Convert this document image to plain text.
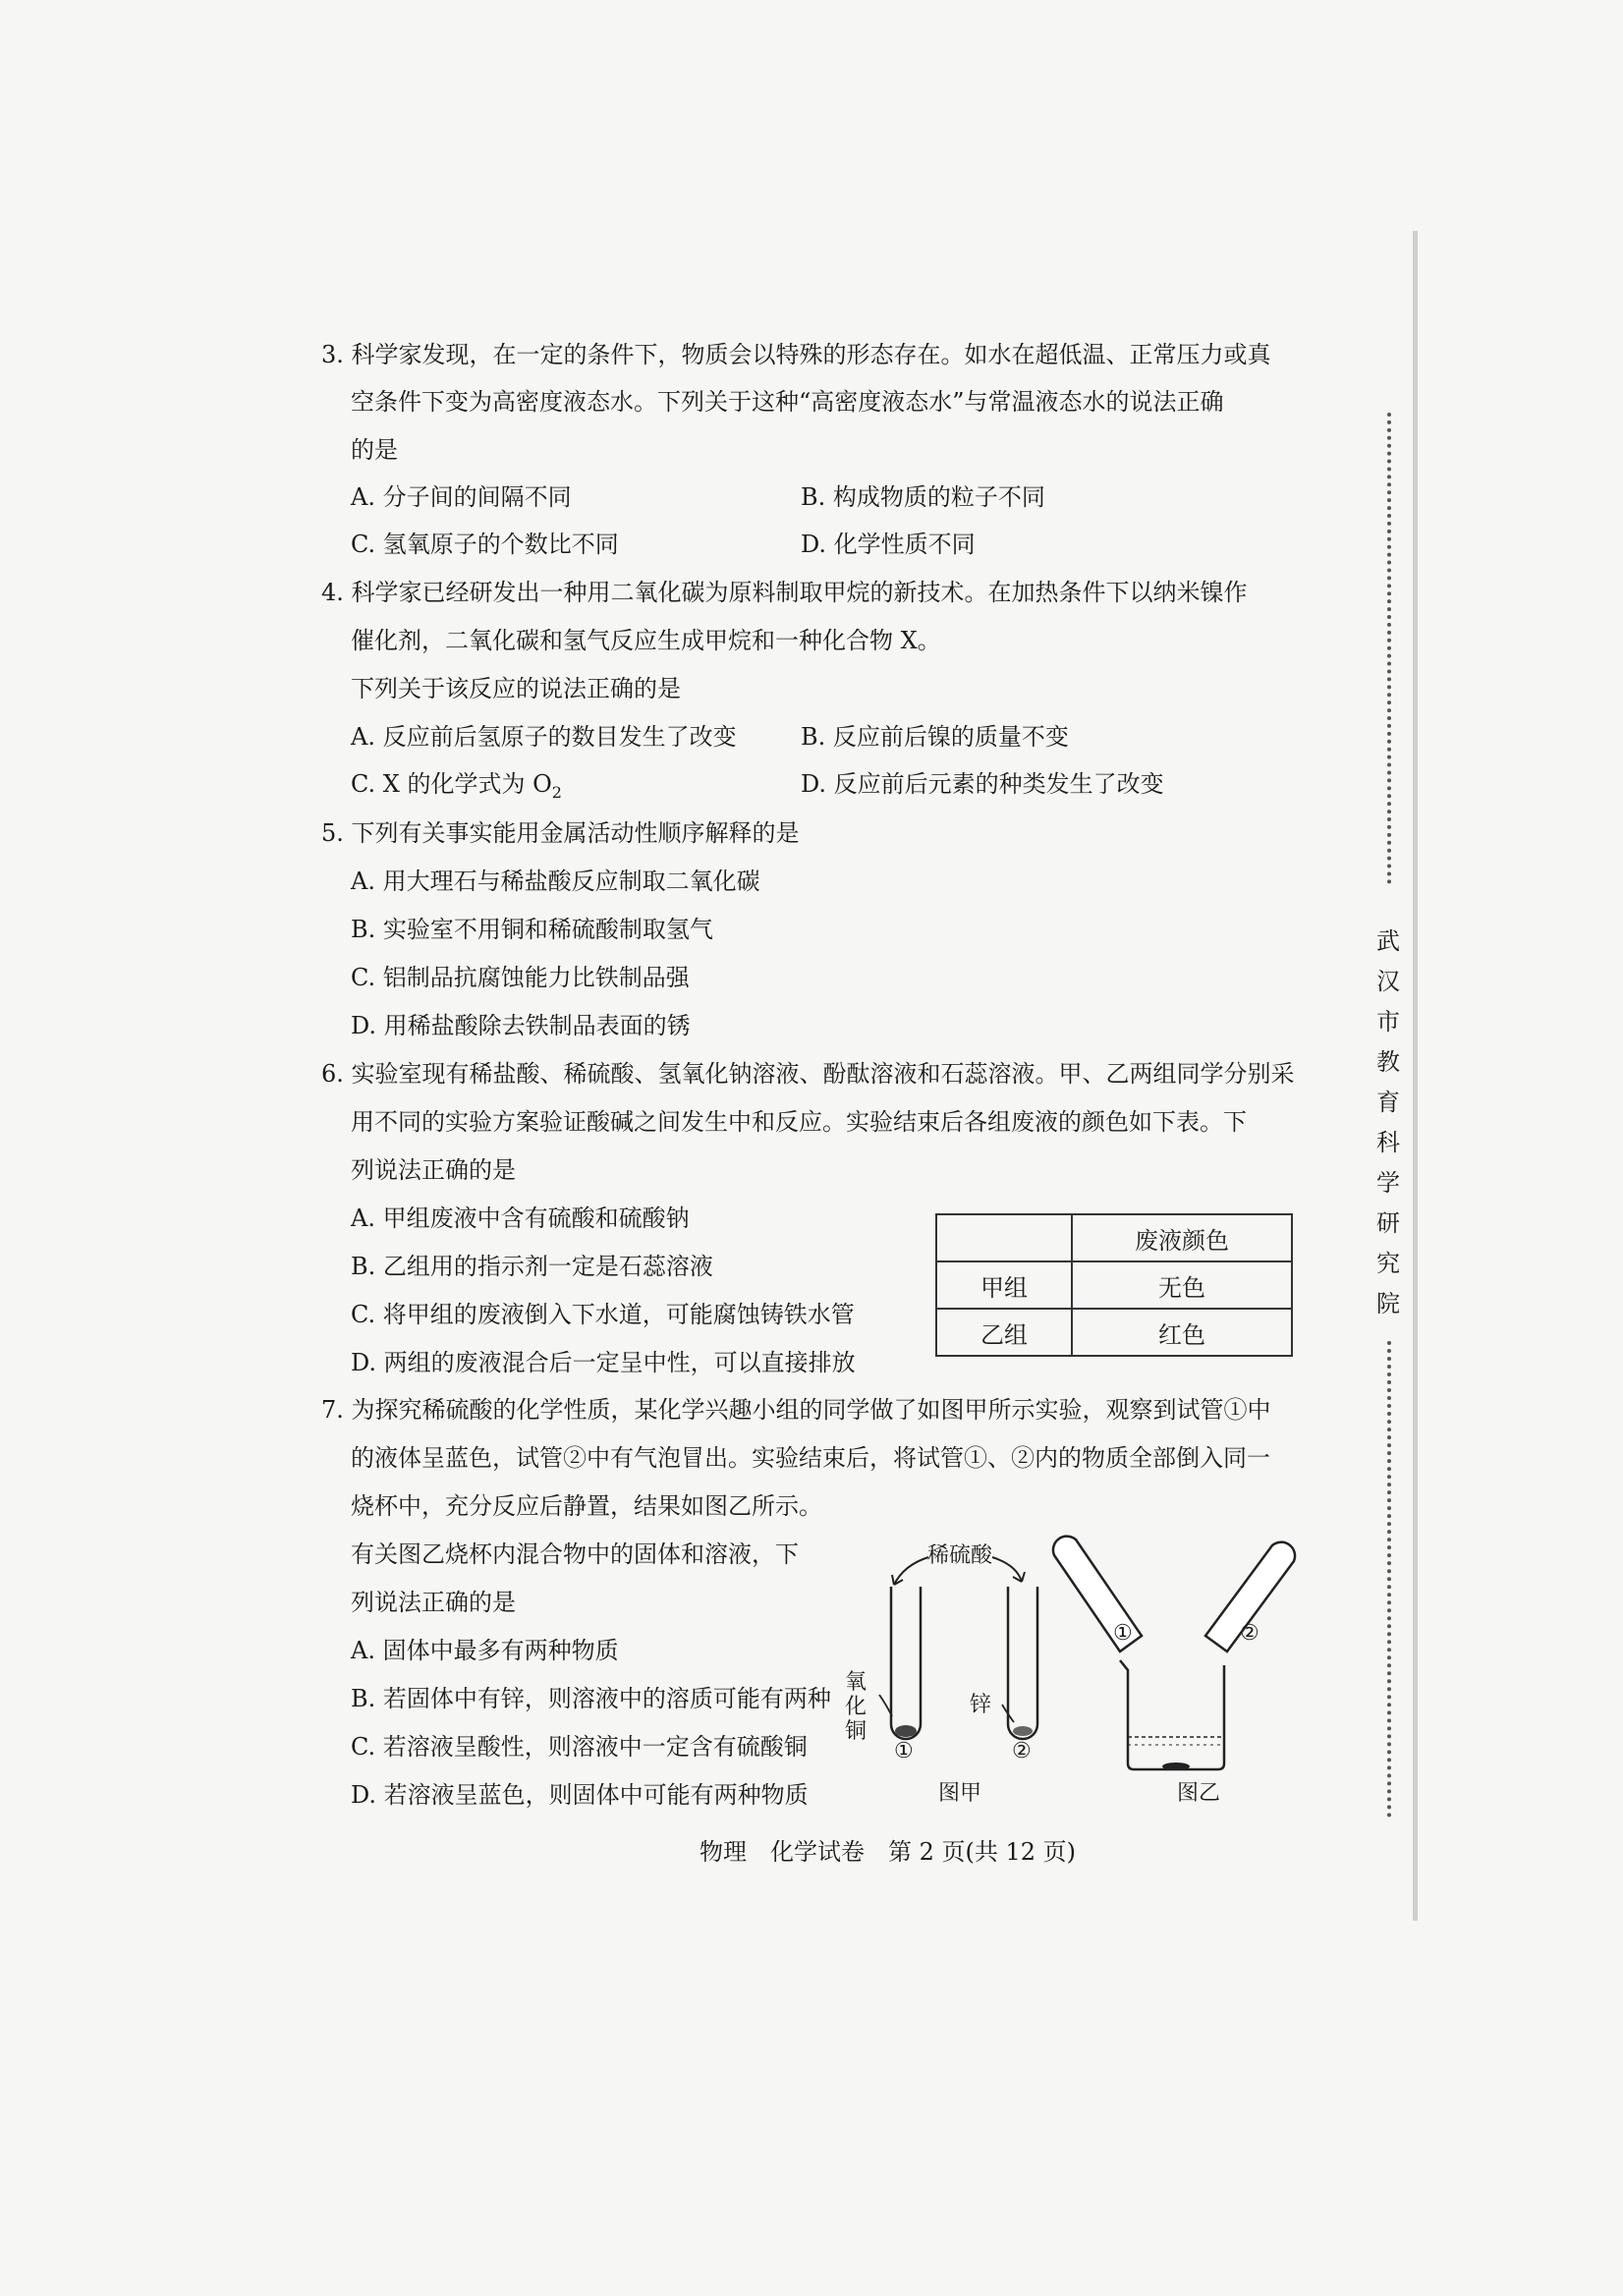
武
汉
市
教
育
科
学
研
究
院
3. 科学家发现，在一定的条件下，物质会以特殊的形态存在。如水在超低温、正常压力或真
空条件下变为高密度液态水。下列关于这种“高密度液态水”与常温液态水的说法正确
的是
A. 分子间的间隔不同	B. 构成物质的粒子不同
C. 氢氧原子的个数比不同	D. 化学性质不同
4. 科学家已经研发出一种用二氧化碳为原料制取甲烷的新技术。在加热条件下以纳米镍作
催化剂，二氧化碳和氢气反应生成甲烷和一种化合物 X。
下列关于该反应的说法正确的是
A. 反应前后氢原子的数目发生了改变	B. 反应前后镍的质量不变
C. X 的化学式为 $O_2$	D. 反应前后元素的种类发生了改变
5. 下列有关事实能用金属活动性顺序解释的是
A. 用大理石与稀盐酸反应制取二氧化碳
B. 实验室不用铜和稀硫酸制取氢气
C. 铝制品抗腐蚀能力比铁制品强
D. 用稀盐酸除去铁制品表面的锈
6. 实验室现有稀盐酸、稀硫酸、氢氧化钠溶液、酚酞溶液和石蕊溶液。甲、乙两组同学分别采
用不同的实验方案验证酸碱之间发生中和反应。实验结束后各组废液的颜色如下表。下
列说法正确的是
A. 甲组废液中含有硫酸和硫酸钠
B. 乙组用的指示剂一定是石蕊溶液
C. 将甲组的废液倒入下水道，可能腐蚀铸铁水管
D. 两组的废液混合后一定呈中性，可以直接排放
	废液颜色
甲组	无色
乙组	红色
7. 为探究稀硫酸的化学性质，某化学兴趣小组的同学做了如图甲所示实验，观察到试管①中
的液体呈蓝色，试管②中有气泡冒出。实验结束后，将试管①、②内的物质全部倒入同一
烧杯中，充分反应后静置，结果如图乙所示。
有关图乙烧杯内混合物中的固体和溶液，下
列说法正确的是
A. 固体中最多有两种物质
B. 若固体中有锌，则溶液中的溶质可能有两种
C. 若溶液呈酸性，则溶液中一定含有硫酸铜
D. 若溶液呈蓝色，则固体中可能有两种物质
稀硫酸
氧
化
铜
锌
①	②
①	②
图甲	图乙
物理　化学试卷　第 2 页(共 12 页)
